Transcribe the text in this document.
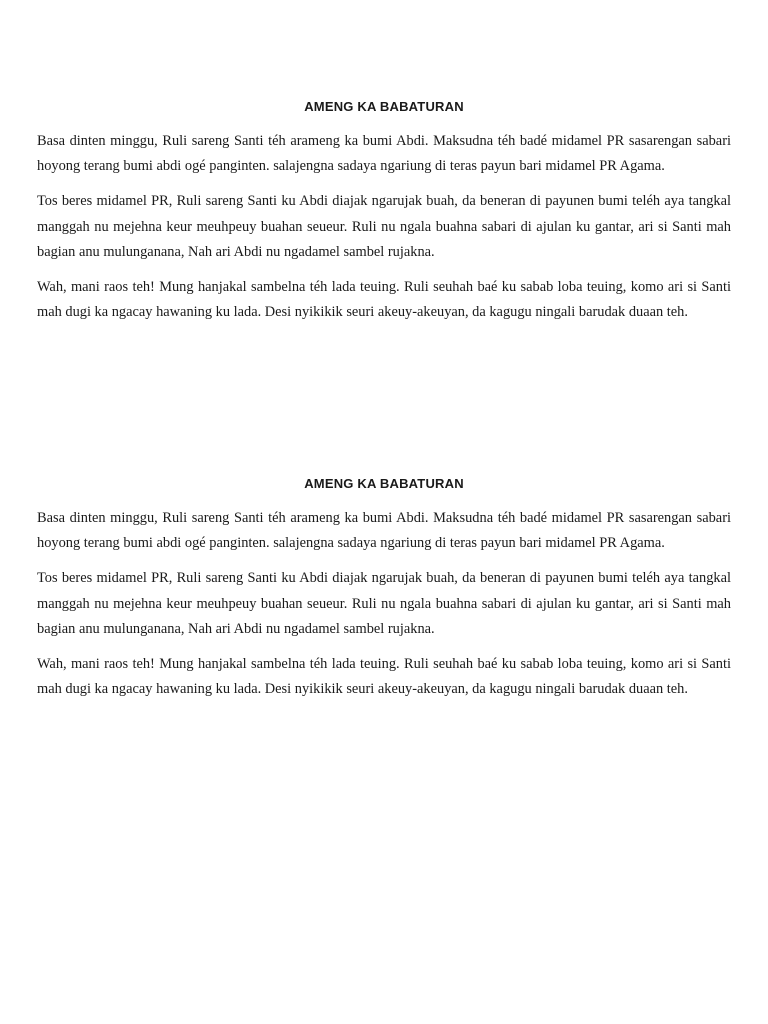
AMENG KA BABATURAN

Basa dinten minggu, Ruli sareng Santi téh arameng ka bumi Abdi. Maksudna téh badé midamel PR sasarengan sabari hoyong terang bumi abdi ogé panginten. salajengna sadaya ngariung di teras payun bari midamel PR Agama.

Tos beres midamel PR, Ruli sareng Santi ku Abdi diajak ngarujak buah, da beneran di payunen bumi teléh aya tangkal manggah nu mejehna keur meuhpeuy buahan seueur. Ruli nu ngala buahna sabari di ajulan ku gantar, ari si Santi mah bagian anu mulunganana, Nah ari Abdi nu ngadamel sambel rujakna.

Wah, mani raos teh! Mung hanjakal sambelna téh lada teuing. Ruli seuhah baé ku sabab loba teuing, komo ari si Santi mah dugi ka ngacay hawaning ku lada. Desi nyikikik seuri akeuy-akeuyan, da kagugu ningali barudak duaan teh.

AMENG KA BABATURAN

Basa dinten minggu, Ruli sareng Santi téh arameng ka bumi Abdi. Maksudna téh badé midamel PR sasarengan sabari hoyong terang bumi abdi ogé panginten. salajengna sadaya ngariung di teras payun bari midamel PR Agama.

Tos beres midamel PR, Ruli sareng Santi ku Abdi diajak ngarujak buah, da beneran di payunen bumi teléh aya tangkal manggah nu mejehna keur meuhpeuy buahan seueur. Ruli nu ngala buahna sabari di ajulan ku gantar, ari si Santi mah bagian anu mulunganana, Nah ari Abdi nu ngadamel sambel rujakna.

Wah, mani raos teh! Mung hanjakal sambelna téh lada teuing. Ruli seuhah baé ku sabab loba teuing, komo ari si Santi mah dugi ka ngacay hawaning ku lada. Desi nyikikik seuri akeuy-akeuyan, da kagugu ningali barudak duaan teh.
